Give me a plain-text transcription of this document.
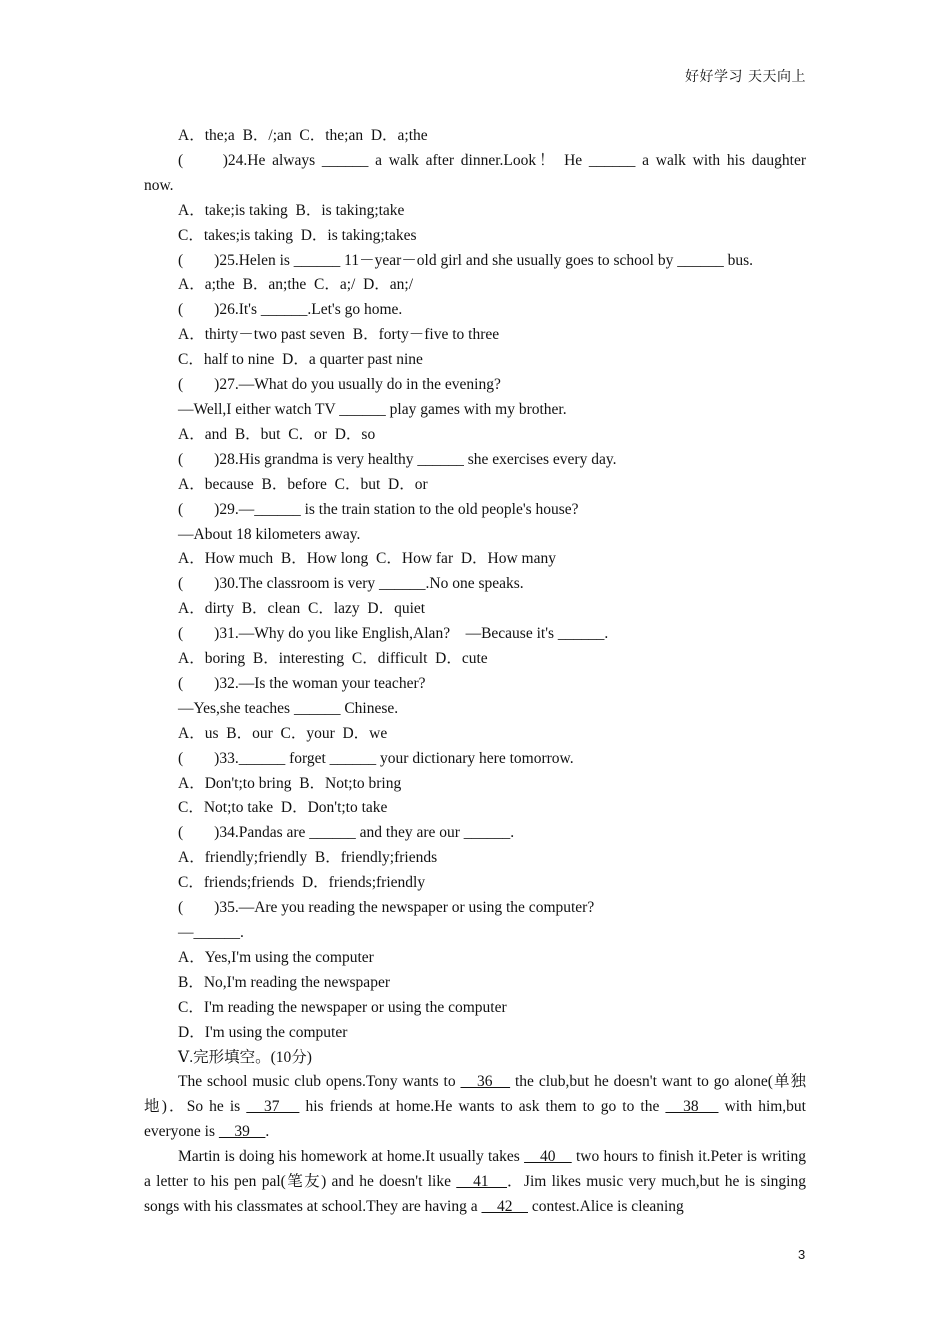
好好学习 天天向上
A．the;a  B．/;an  C．the;an  D．a;the
(　　)24.He always ______ a walk after dinner.Look！ He ______ a walk with his daughter
now.
A．take;is taking  B．is taking;take
C．takes;is taking  D．is taking;takes
(　　)25.Helen is ______ 11－year－old girl and she usually goes to school by ______ bus.
A．a;the  B．an;the  C．a;/  D．an;/
(　　)26.It's ______.Let's go home.
A．thirty－two past seven  B．forty－five to three
C．half to nine  D．a quarter past nine
(　　)27.—What do you usually do in the evening?
—Well,I either watch TV ______ play games with my brother.
A．and  B．but  C．or  D．so
(　　)28.His grandma is very healthy ______ she exercises every day.
A．because  B．before  C．but  D．or
(　　)29.—______ is the train station to the old people's house?
—About 18 kilometers away.
A．How much  B．How long  C．How far  D．How many
(　　)30.The classroom is very ______.No one speaks.
A．dirty  B．clean  C．lazy  D．quiet
(　　)31.—Why do you like English,Alan?　—Because it's ______.
A．boring  B．interesting  C．difficult  D．cute
(　　)32.—Is the woman your teacher?
—Yes,she teaches ______ Chinese.
A．us  B．our  C．your  D．we
(　　)33.______ forget ______ your dictionary here tomorrow.
A．Don't;to bring  B．Not;to bring
C．Not;to take  D．Don't;to take
(　　)34.Pandas are ______ and they are our ______.
A．friendly;friendly  B．friendly;friends
C．friends;friends  D．friends;friendly
(　　)35.—Are you reading the newspaper or using the computer?
—______.
A．Yes,I'm using the computer
B．No,I'm reading the newspaper
C．I'm reading the newspaper or using the computer
D．I'm using the computer
Ⅴ.完形填空。(10分)
The school music club opens.Tony wants to 　36　 the club,but he doesn't want to go alone(单独地)．So he is 　37　 his friends at home.He wants to ask them to go to the 　38　 with him,but everyone is 　39　.
Martin is doing his homework at home.It usually takes 　40　 two hours to finish it.Peter is writing a letter to his pen pal(笔友) and he doesn't like 　41　．Jim likes music very much,but he is singing songs with his classmates at school.They are having a 　42　 contest.Alice is cleaning
3
